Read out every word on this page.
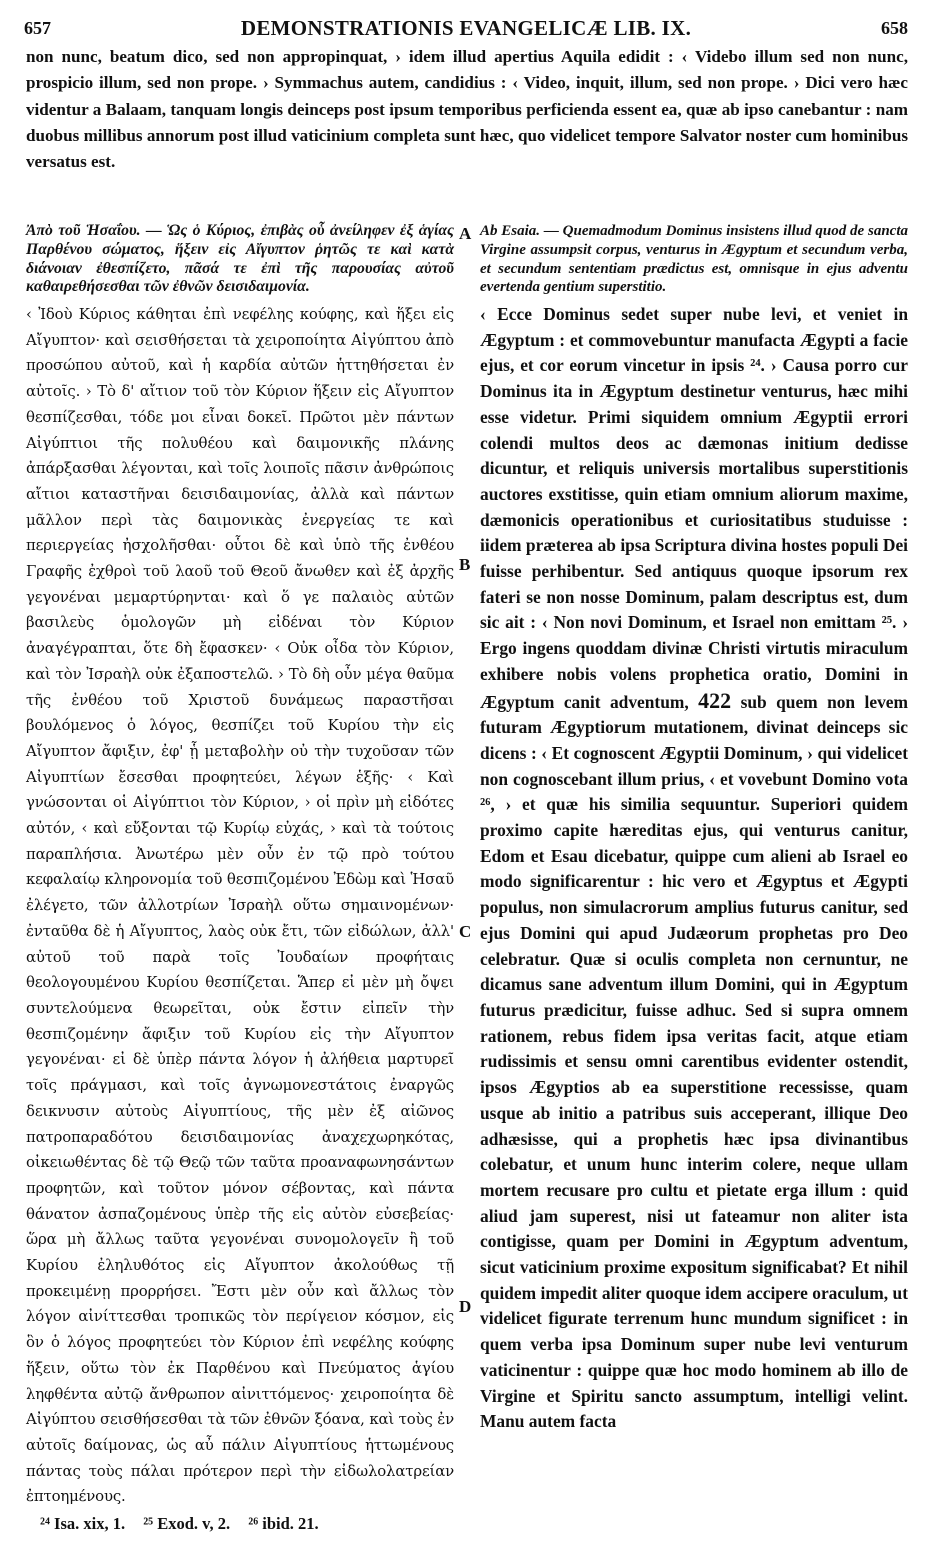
657	DEMONSTRATIONIS EVANGELICÆ LIB. IX.	658

non nunc, beatum dico, sed non appropinquat, › idem illud apertius Aquila edidit : ‹ Videbo illum sed non nunc, prospicio illum, sed non prope. › Symmachus autem, candidius : ‹ Video, inquit, illum, sed non prope. › Dici vero hæc videntur a Balaam, tanquam longis deinceps post ipsum temporibus perficienda essent ea, quæ ab ipso canebantur : nam duobus millibus annorum post illud vaticinium completa sunt hæc, quo videlicet tempore Salvator noster cum hominibus versatus est.

Ἀπὸ τοῦ Ἡσαΐου. — Ὡς ὁ Κύριος, ἐπιβὰς οὗ ἀνείληφεν ἐξ ἁγίας Παρθένου σώματος, ἥξειν εἰς Αἴγυπτον ῥητῶς τε καὶ κατὰ διάνοιαν ἐθεσπίζετο, πᾶσά τε ἐπὶ τῆς παρουσίας αὐτοῦ καθαιρεθήσεσθαι τῶν ἐθνῶν δεισιδαιμονία.

‹ Ἰδοὺ Κύριος κάθηται ἐπὶ νεφέλης κούφης, καὶ ἥξει εἰς Αἴγυπτον· καὶ σεισθήσεται τὰ χειροποίητα Αἰγύπτου ἀπὸ προσώπου αὐτοῦ, καὶ ἡ καρδία αὐτῶν ἡττηθήσεται ἐν αὐτοῖς. › Τὸ δ' αἴτιον τοῦ τὸν Κύριον ἥξειν εἰς Αἴγυπτον θεσπίζεσθαι, τόδε μοι εἶναι δοκεῖ. Πρῶτοι μὲν πάντων Αἰγύπτιοι τῆς πολυθέου καὶ δαιμονικῆς πλάνης ἀπάρξασθαι λέγονται, καὶ τοῖς λοιποῖς πᾶσιν ἀνθρώποις αἴτιοι καταστῆναι δεισιδαιμονίας, ἀλλὰ καὶ πάντων μᾶλλον περὶ τὰς δαιμονικὰς ἐνεργείας τε καὶ περιεργείας ἠσχολῆσθαι· οὗτοι δὲ καὶ ὑπὸ τῆς ἐνθέου Γραφῆς ἐχθροὶ τοῦ λαοῦ τοῦ Θεοῦ ἄνωθεν καὶ ἐξ ἀρχῆς γεγονέναι μεμαρτύρηνται· καὶ ὅ γε παλαιὸς αὐτῶν βασιλεὺς ὁμολογῶν μὴ εἰδέναι τὸν Κύριον ἀναγέγραπται, ὅτε δὴ ἔφασκεν· ‹ Οὐκ οἶδα τὸν Κύριον, καὶ τὸν Ἰσραὴλ οὐκ ἐξαποστελῶ. › Τὸ δὴ οὖν μέγα θαῦμα τῆς ἐνθέου τοῦ Χριστοῦ δυνάμεως παραστῆσαι βουλόμενος ὁ λόγος, θεσπίζει τοῦ Κυρίου τὴν εἰς Αἴγυπτον ἄφιξιν, ἐφ' ᾗ μεταβολὴν οὐ τὴν τυχοῦσαν τῶν Αἰγυπτίων ἔσεσθαι προφητεύει, λέγων ἑξῆς· ‹ Καὶ γνώσονται οἱ Αἰγύπτιοι τὸν Κύριον, › οἱ πρὶν μὴ εἰδότες αὐτόν, ‹ καὶ εὔξονται τῷ Κυρίῳ εὐχάς, › καὶ τὰ τούτοις παραπλήσια. Ἀνωτέρω μὲν οὖν ἐν τῷ πρὸ τούτου κεφαλαίῳ κληρονομία τοῦ θεσπιζομένου Ἐδὼμ καὶ Ἡσαῦ ἐλέγετο, τῶν ἀλλοτρίων Ἰσραὴλ οὕτω σημαινομένων· ἐνταῦθα δὲ ἡ Αἴγυπτος, λαὸς οὐκ ἔτι, τῶν εἰδώλων, ἀλλ' αὐτοῦ τοῦ παρὰ τοῖς Ἰουδαίων προφήταις θεολογουμένου Κυρίου θεσπίζεται. Ἅπερ εἰ μὲν μὴ ὄψει συντελούμενα θεωρεῖται, οὐκ ἔστιν εἰπεῖν τὴν θεσπιζομένην ἄφιξιν τοῦ Κυρίου εἰς τὴν Αἴγυπτον γεγονέναι· εἰ δὲ ὑπὲρ πάντα λόγον ἡ ἀλήθεια μαρτυρεῖ τοῖς πράγμασι, καὶ τοῖς ἀγνωμονεστάτοις ἐναργῶς δεικνυσιν αὐτοὺς Αἰγυπτίους, τῆς μὲν ἐξ αἰῶνος πατροπαραδότου δεισιδαιμονίας ἀναχεχωρηκότας, οἰκειωθέντας δὲ τῷ Θεῷ τῶν ταῦτα προαναφωνησάντων προφητῶν, καὶ τοῦτον μόνον σέβοντας, καὶ πάντα θάνατον ἀσπαζομένους ὑπὲρ τῆς εἰς αὐτὸν εὐσεβείας· ὥρα μὴ ἄλλως ταῦτα γεγονέναι συνομολογεῖν ἢ τοῦ Κυρίου ἐληλυθότος εἰς Αἴγυπτον ἀκολούθως τῇ προκειμένῃ προρρήσει. Ἔστι μὲν οὖν καὶ ἄλλως τὸν λόγον αἰνίττεσθαι τροπικῶς τὸν περίγειον κόσμον, εἰς ὃν ὁ λόγος προφητεύει τὸν Κύριον ἐπὶ νεφέλης κούφης ἥξειν, οὕτω τὸν ἐκ Παρθένου καὶ Πνεύματος ἁγίου ληφθέντα αὐτῷ ἄνθρωπον αἰνιττόμενος· χειροποίητα δὲ Αἰγύπτου σεισθήσεσθαι τὰ τῶν ἐθνῶν ξόανα, καὶ τοὺς ἐν αὐτοῖς δαίμονας, ὡς αὖ πάλιν Αἰγυπτίους ἡττωμένους πάντας τοὺς πάλαι πρότερον περὶ τὴν εἰδωλολατρείαν ἐπτοημένους.

Ab Esaia. — Quemadmodum Dominus insistens illud quod de sancta Virgine assumpsit corpus, venturus in Ægyptum et secundum verba, et secundum sententiam prædictus est, omnisque in ejus adventu evertenda gentium superstitio.

‹ Ecce Dominus sedet super nube levi, et veniet in Ægyptum : et commovebuntur manufacta Ægypti a facie ejus, et cor eorum vincetur in ipsis ²⁴. › Causa porro cur Dominus ita in Ægyptum destinetur venturus, hæc mihi esse videtur. Primi siquidem omnium Ægyptii errori colendi multos deos ac dæmonas initium dedisse dicuntur, et reliquis universis mortalibus superstitionis auctores exstitisse, quin etiam omnium aliorum maxime, dæmonicis operationibus et curiositatibus studuisse : iidem præterea ab ipsa Scriptura divina hostes populi Dei fuisse perhibentur. Sed antiquus quoque ipsorum rex fateri se non nosse Dominum, palam descriptus est, dum sic ait : ‹ Non novi Dominum, et Israel non emittam ²⁵. › Ergo ingens quoddam divinæ Christi virtutis miraculum exhibere nobis volens prophetica oratio, Domini in Ægyptum canit adventum, 422 sub quem non levem futuram Ægyptiorum mutationem, divinat deinceps sic dicens : ‹ Et cognoscent Ægyptii Dominum, › qui videlicet non cognoscebant illum prius, ‹ et vovebunt Domino vota ²⁶, › et quæ his similia sequuntur. Superiori quidem proximo capite hæreditas ejus, qui venturus canitur, Edom et Esau dicebatur, quippe cum alieni ab Israel eo modo significarentur : hic vero et Ægyptus et Ægypti populus, non simulacrorum amplius futurus canitur, sed ejus Domini qui apud Judæorum prophetas pro Deo celebratur. Quæ si oculis completa non cernuntur, ne dicamus sane adventum illum Domini, qui in Ægyptum futurus prædicitur, fuisse adhuc. Sed si supra omnem rationem, rebus fidem ipsa veritas facit, atque etiam rudissimis et sensu omni carentibus evidenter ostendit, ipsos Ægyptios ab ea superstitione recessisse, quam usque ab initio a patribus suis acceperant, illique Deo adhæsisse, qui a prophetis hæc ipsa divinantibus colebatur, et unum hunc interim colere, neque ullam mortem recusare pro cultu et pietate erga illum : quid aliud jam superest, nisi ut fateamur non aliter ista contigisse, quam per Domini in Ægyptum adventum, sicut vaticinium proxime expositum significabat? Et nihil quidem impedit aliter quoque idem accipere oraculum, ut videlicet figurate terrenum hunc mundum significet : in quem verba ipsa Dominum super nube levi venturum vaticinentur : quippe quæ hoc modo hominem ab illo de Virgine et Spiritu sancto assumptum, intelligi velint. Manu autem facta

A
B
C
D
²⁴ Isa. xix, 1. ²⁵ Exod. v, 2. ²⁶ ibid. 21.
